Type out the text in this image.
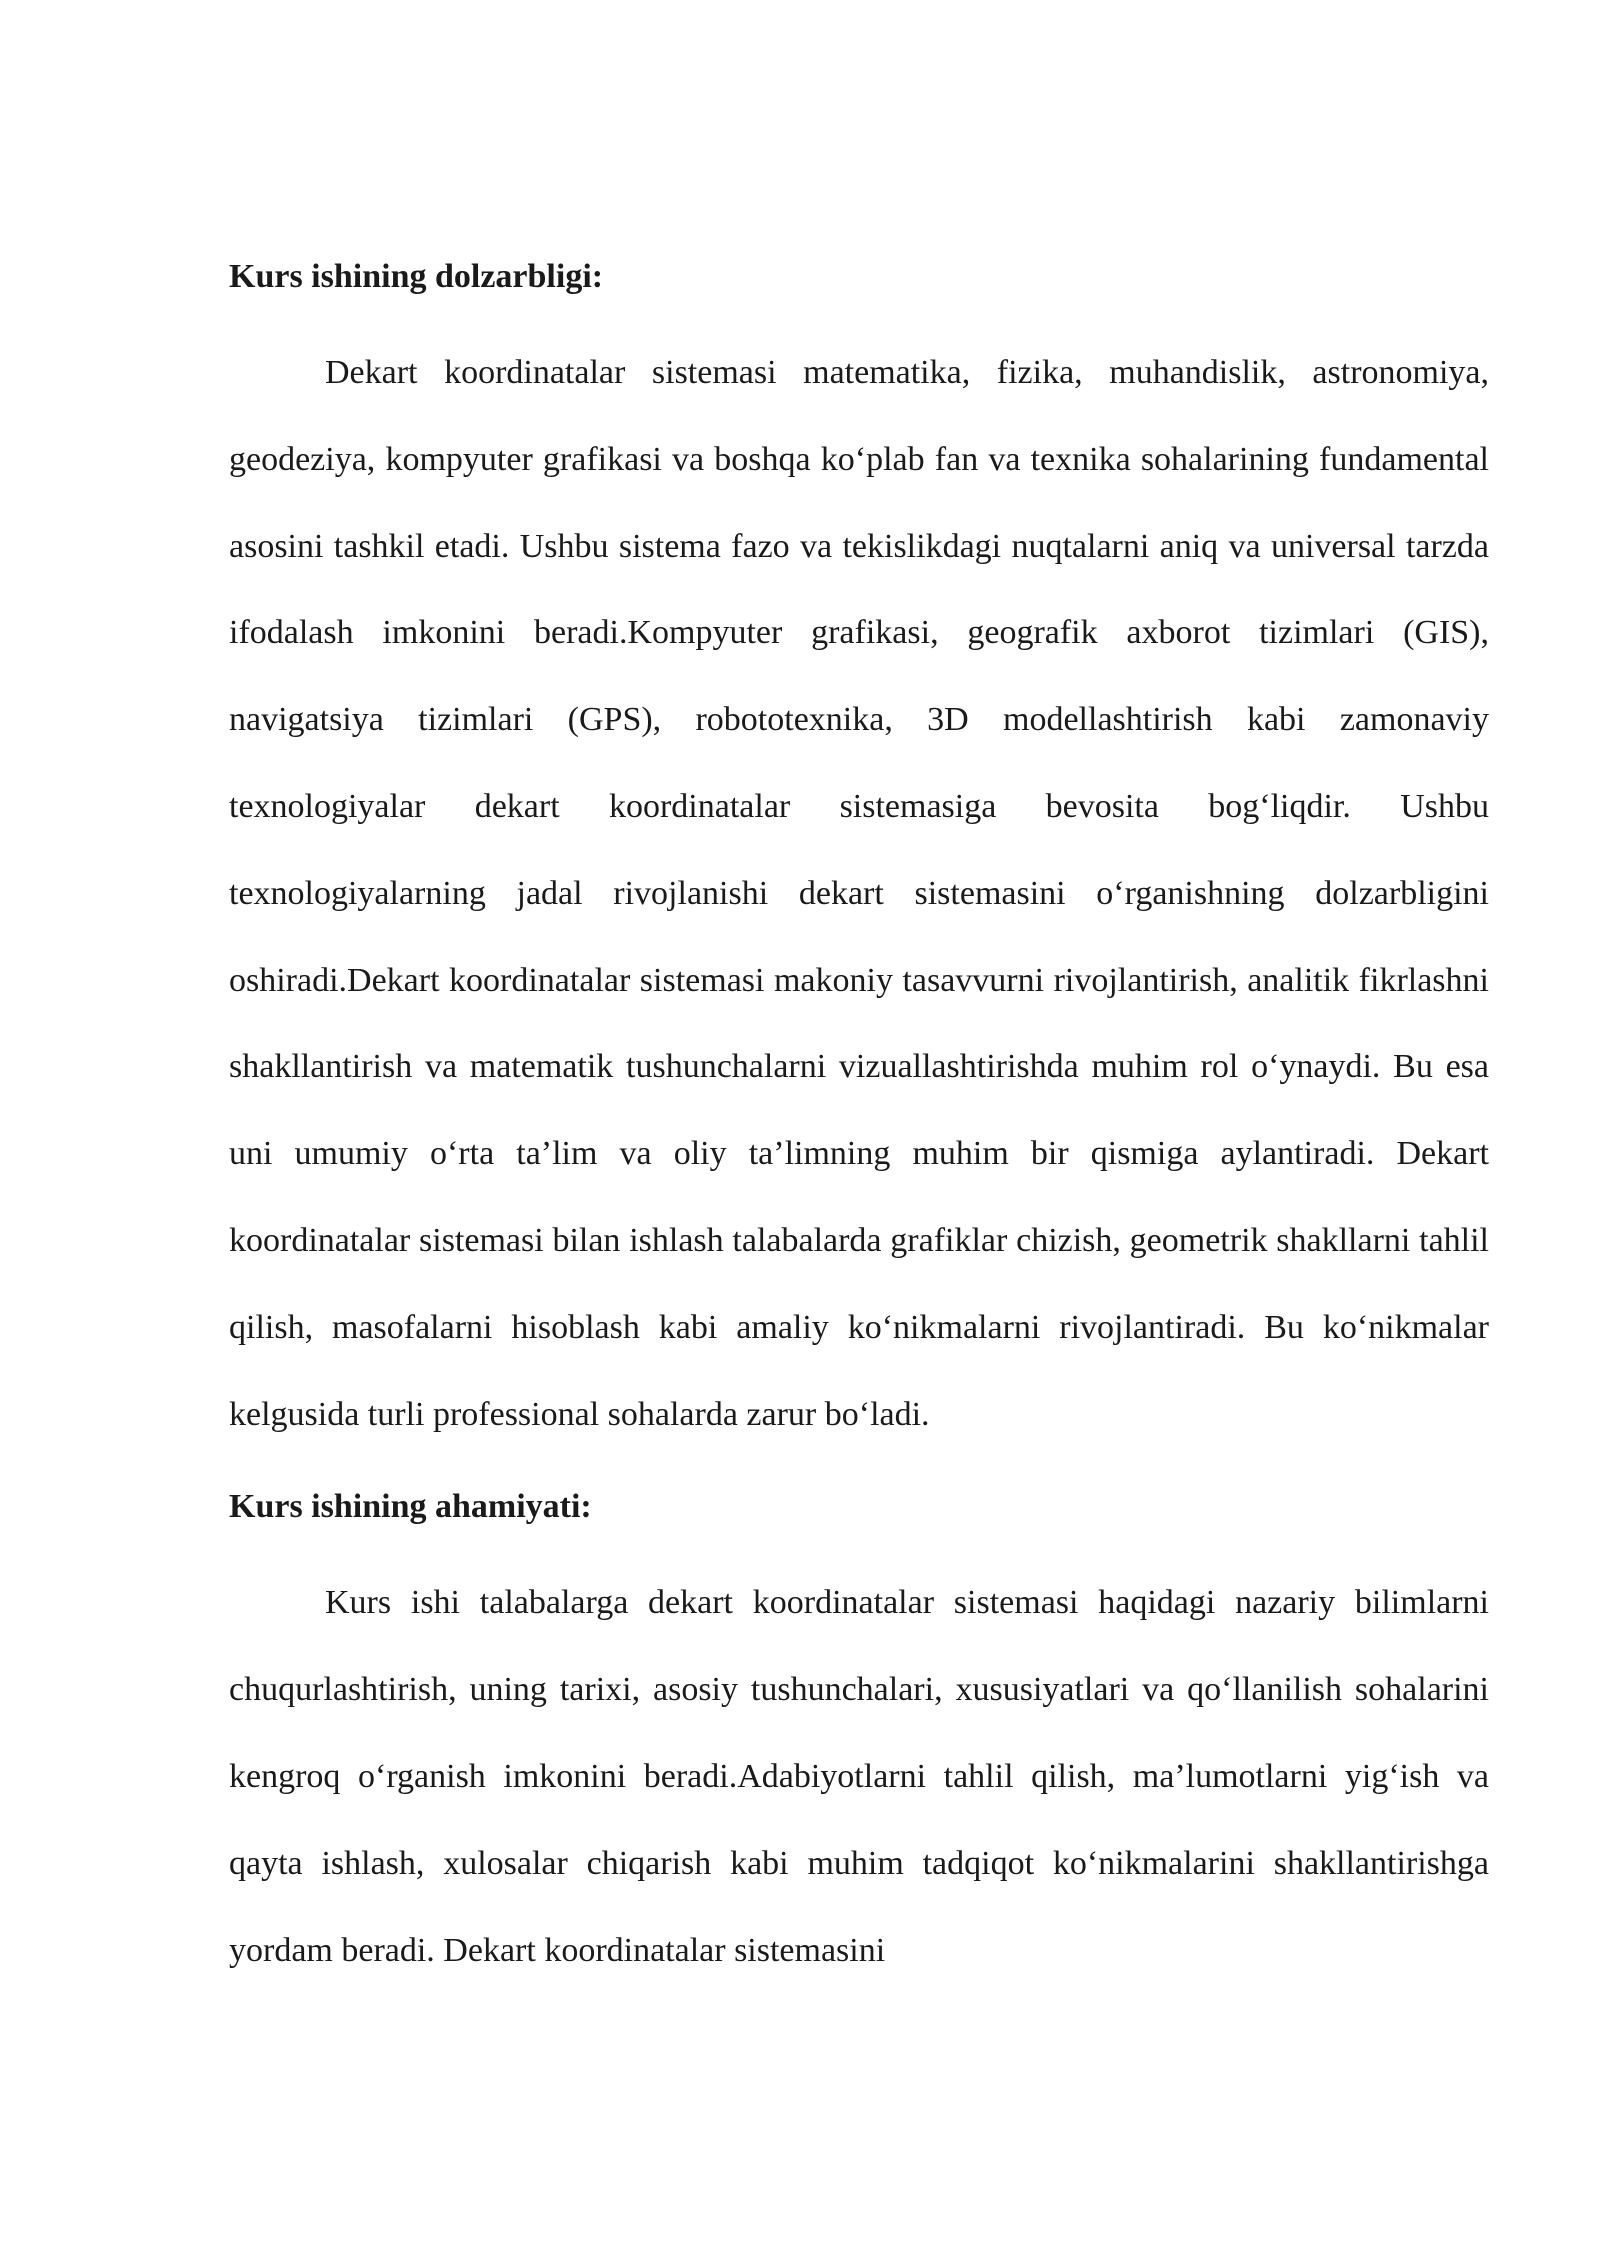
Kurs ishining dolzarbligi:

Dekart koordinatalar sistemasi matematika, fizika, muhandislik, astronomiya, geodeziya, kompyuter grafikasi va boshqa ko‘plab fan va texnika sohalarining fundamental asosini tashkil etadi. Ushbu sistema fazo va tekislikdagi nuqtalarni aniq va universal tarzda ifodalash imkonini beradi.Kompyuter grafikasi, geografik axborot tizimlari (GIS), navigatsiya tizimlari (GPS), robototexnika, 3D modellashtirish kabi zamonaviy texnologiyalar dekart koordinatalar sistemasiga bevosita bog‘liqdir. Ushbu texnologiyalarning jadal rivojlanishi dekart sistemasini o‘rganishning dolzarbligini oshiradi.Dekart koordinatalar sistemasi makoniy tasavvurni rivojlantirish, analitik fikrlashni shakllantirish va matematik tushunchalarni vizuallashtirishda muhim rol o‘ynaydi. Bu esa uni umumiy o‘rta ta’lim va oliy ta’limning muhim bir qismiga aylantiradi. Dekart koordinatalar sistemasi bilan ishlash talabalarda grafiklar chizish, geometrik shakllarni tahlil qilish, masofalarni hisoblash kabi amaliy ko‘nikmalarni rivojlantiradi. Bu ko‘nikmalar kelgusida turli professional sohalarda zarur bo‘ladi.

Kurs ishining ahamiyati:

Kurs ishi talabalarga dekart koordinatalar sistemasi haqidagi nazariy bilimlarni chuqurlashtirish, uning tarixi, asosiy tushunchalari, xususiyatlari va qo‘llanilish sohalarini kengroq o‘rganish imkonini beradi.Adabiyotlarni tahlil qilish, ma’lumotlarni yig‘ish va qayta ishlash, xulosalar chiqarish kabi muhim tadqiqot ko‘nikmalarini shakllantirishga yordam beradi. Dekart koordinatalar sistemasini
